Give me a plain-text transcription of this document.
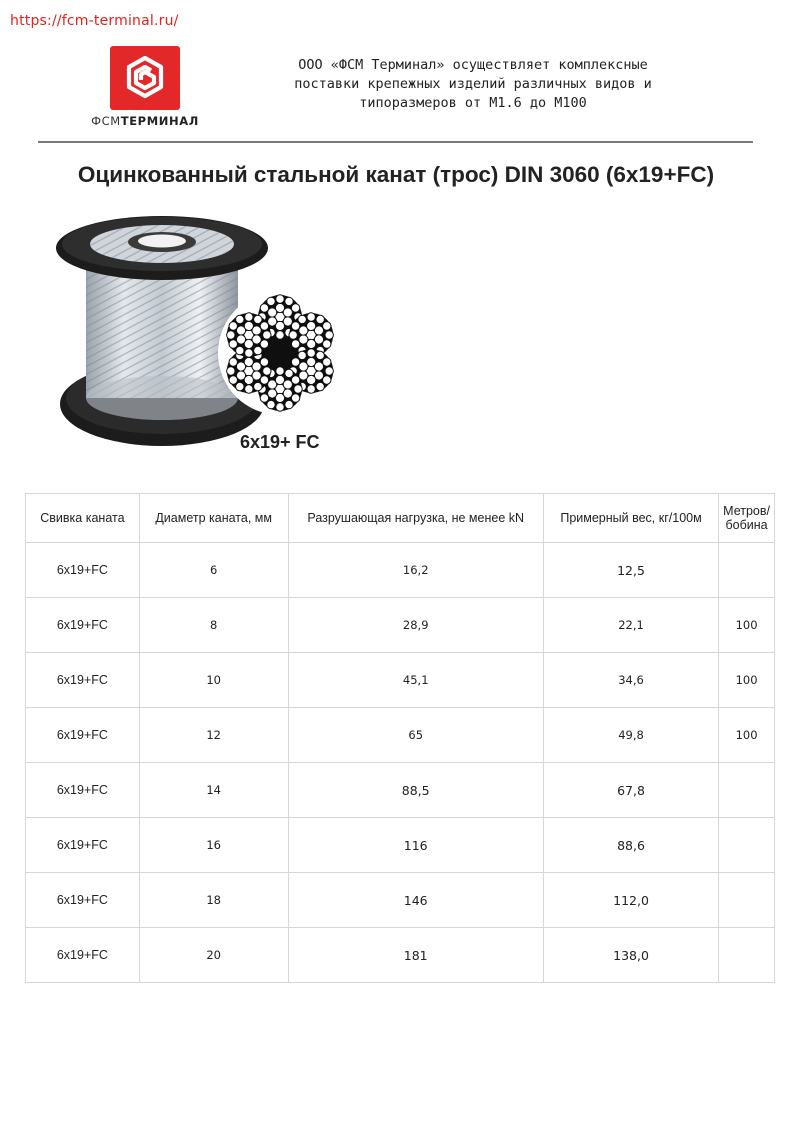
https://fcm-terminal.ru/
ФСМТЕРМИНАЛ
ООО «ФСМ Терминал» осуществляет комплексные
поставки крепежных изделий различных видов и
типоразмеров от М1.6 до М100
Оцинкованный стальной канат (трос) DIN 3060 (6x19+FC)
6x19+ FC
Свивка каната	Диаметр каната, мм	Разрушающая нагрузка, не менее kN	Примерный вес, кг/100м	Метров/
бобина

6x19+FC	6	16,2	12,5	
6x19+FC	8	28,9	22,1	100
6x19+FC	10	45,1	34,6	100
6x19+FC	12	65	49,8	100
6x19+FC	14	88,5	67,8	
6x19+FC	16	116	88,6	
6x19+FC	18	146	112,0	
6x19+FC	20	181	138,0	
